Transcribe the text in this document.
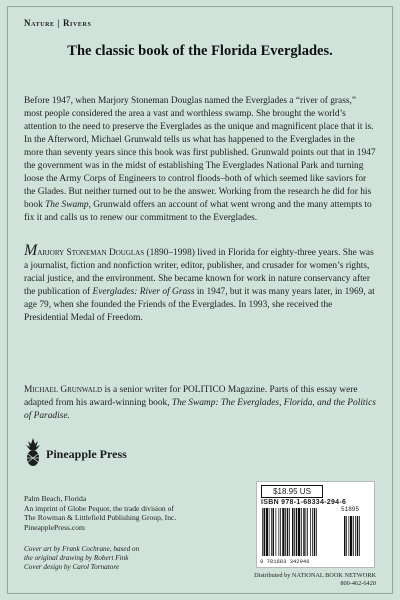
Nature | Rivers
The classic book of the Florida Everglades.
Before 1947, when Marjory Stoneman Douglas named the Everglades a “river of grass,” most people considered the area a vast and worthless swamp. She brought the world’s attention to the need to preserve the Everglades as the unique and magnificent place that it is. In the Afterword, Michael Grunwald tells us what has happened to the Everglades in the more than seventy years since this book was first published. Grunwald points out that in 1947 the government was in the midst of establishing The Everglades National Park and turning loose the Army Corps of Engineers to control floods–both of which seemed like saviors for the Glades. But neither turned out to be the answer. Working from the research he did for his book The Swamp, Grunwald offers an account of what went wrong and the many attempts to fix it and calls us to renew our commitment to the Everglades.
Marjory Stoneman Douglas (1890–1998) lived in Florida for eighty-three years. She was a journalist, fiction and nonfiction writer, editor, publisher, and crusader for women’s rights, racial justice, and the environment. She became known for work in nature conservancy after the publication of Everglades: River of Grass in 1947, but it was many years later, in 1969, at age 79, when she founded the Friends of the Everglades. In 1993, she received the Presidential Medal of Freedom.
Michael Grunwald is a senior writer for POLITICO Magazine. Parts of this essay were adapted from his award-winning book, The Swamp: The Everglades, Florida, and the Politics of Paradise.
Pineapple Press
Palm Beach, Florida
An imprint of Globe Pequot, the trade division of
The Rowman & Littlefield Publishing Group, Inc.
PineapplePress.com
Cover art by Frank Cochrane, based on
the original drawing by Robert Fink
Cover design by Carol Tornatore
$18.95 US
ISBN 978-1-68334-294-6
9 781683 342946
51895
Distributed by NATIONAL BOOK NETWORK
800-462-6420
